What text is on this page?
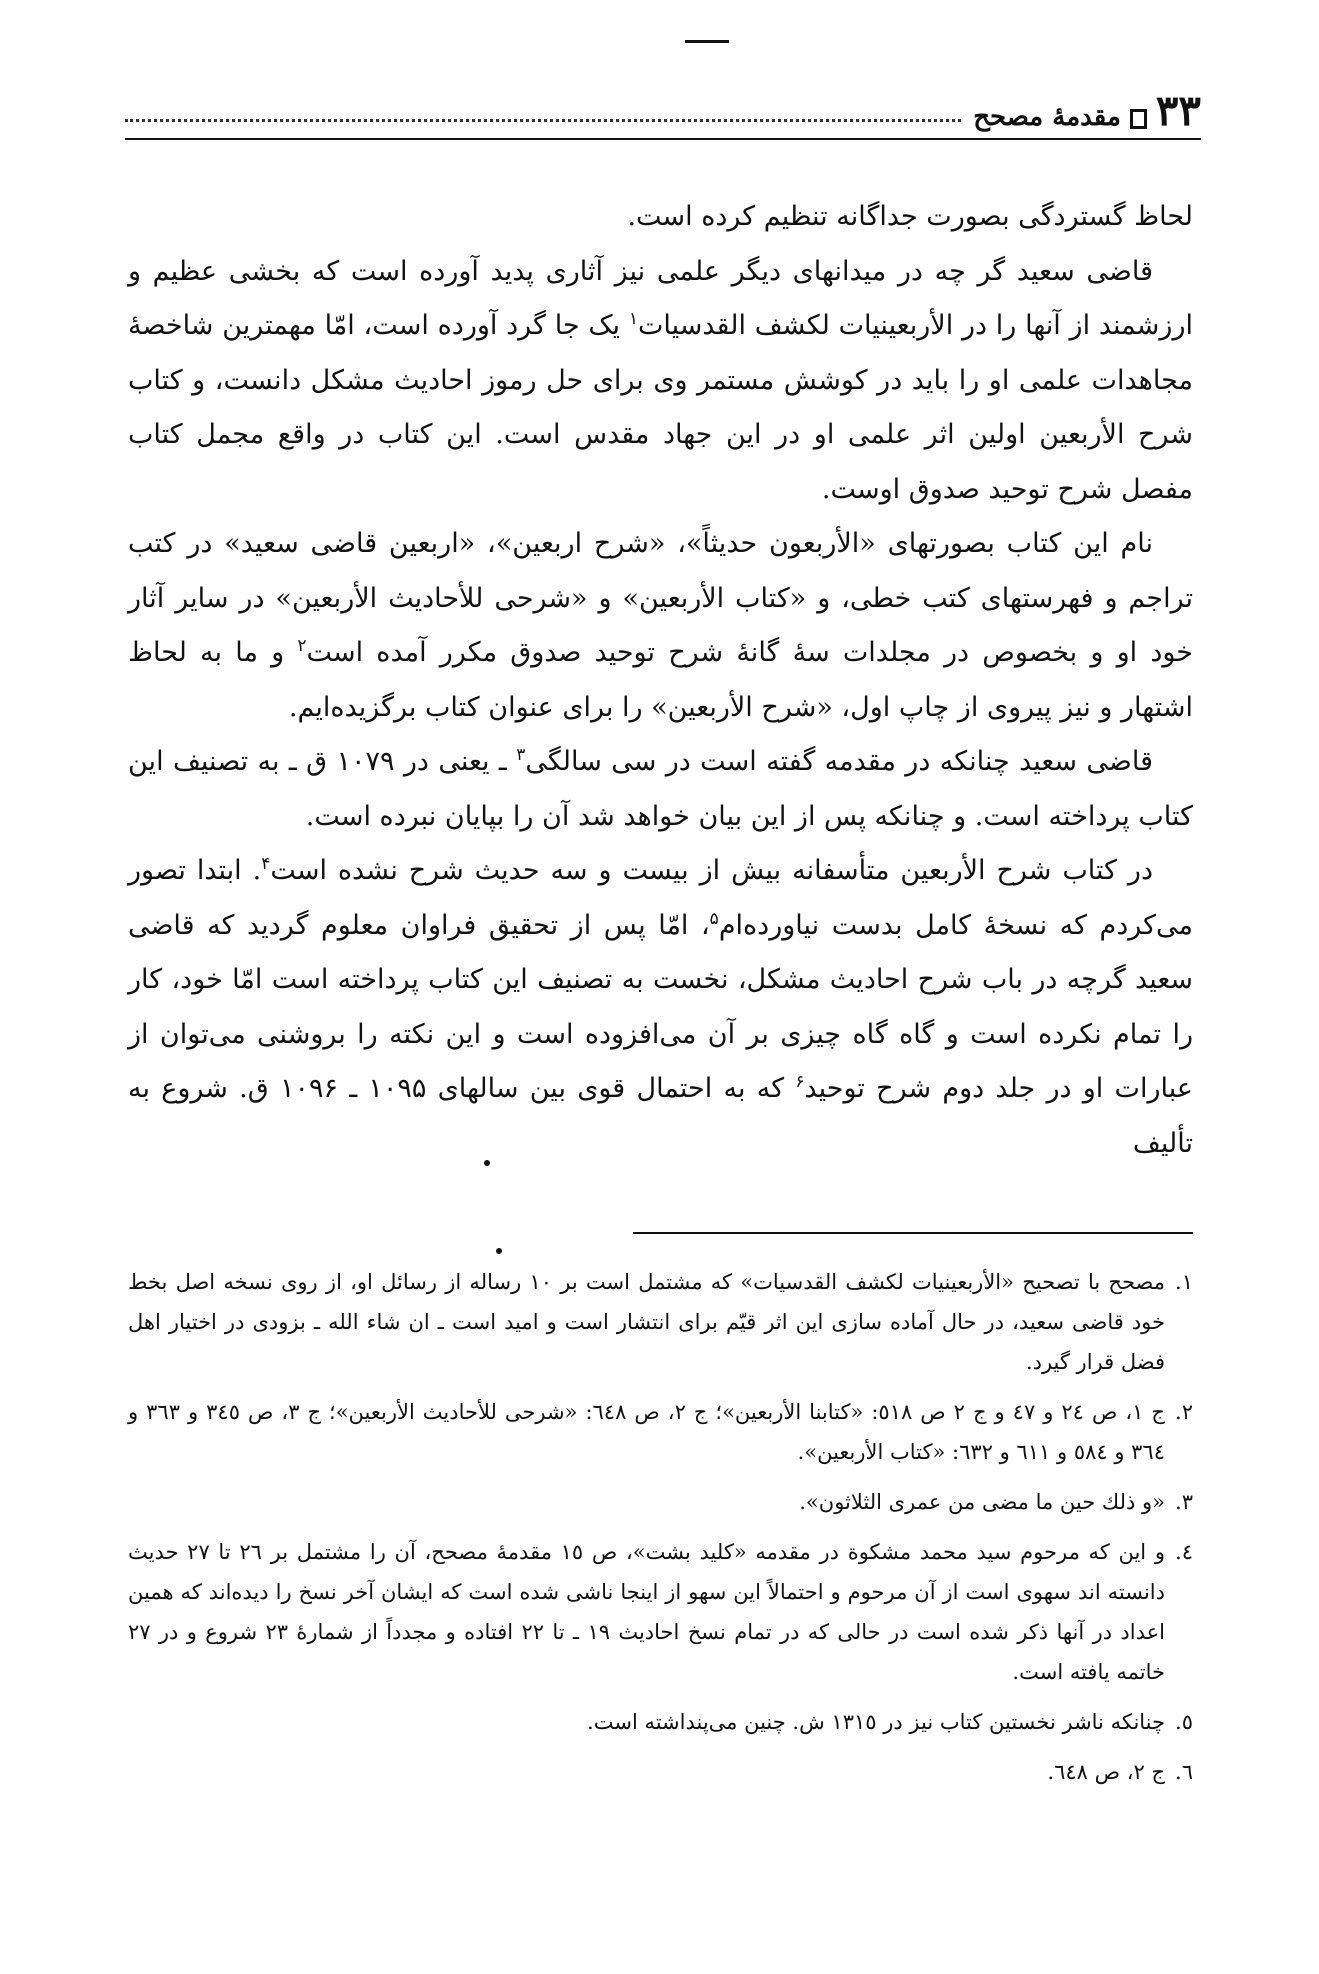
۳۳
مقدمهٔ مصحح

لحاظ گستردگی بصورت جداگانه تنظیم کرده است.

قاضی سعید گر چه در میدانهای دیگر علمی نیز آثاری پدید آورده است که بخشی عظیم و ارزشمند از آنها را در الأربعینیات لکشف القدسیات$^۱$ یک جا گرد آورده است، امّا مهمترین شاخصهٔ مجاهدات علمی او را باید در کوشش مستمر وی برای حل رموز احادیث مشکل دانست، و کتاب شرح الأربعین اولین اثر علمی او در این جهاد مقدس است. این کتاب در واقع مجمل کتاب مفصل شرح توحید صدوق اوست.

نام این کتاب بصورتهای «الأربعون حدیثاً»، «شرح اربعین»، «اربعین قاضی سعید» در کتب تراجم و فهرستهای کتب خطی، و «کتاب الأربعین» و «شرحی للأحادیث الأربعین» در سایر آثار خود او و بخصوص در مجلدات سهٔ گانهٔ شرح توحید صدوق مکرر آمده است$^۲$ و ما به لحاظ اشتهار و نیز پیروی از چاپ اول، «شرح الأربعین» را برای عنوان کتاب برگزیده‌ایم.

قاضی سعید چنانکه در مقدمه گفته است در سی سالگی$^۳$ ـ یعنی در ۱۰۷۹ ق ـ به تصنیف این کتاب پرداخته است. و چنانکه پس از این بیان خواهد شد آن را بپایان نبرده است.

در کتاب شرح الأربعین متأسفانه بیش از بیست و سه حدیث شرح نشده است$^۴$. ابتدا تصور می‌کردم که نسخهٔ کامل بدست نیاورده‌ام$^۵$، امّا پس از تحقیق فراوان معلوم گردید که قاضی سعید گرچه در باب شرح احادیث مشکل، نخست به تصنیف این کتاب پرداخته است امّا خود، کار را تمام نکرده است و گاه گاه چیزی بر آن می‌افزوده است و این نکته را بروشنی می‌توان از عبارات او در جلد دوم شرح توحید$^۶$ که به احتمال قوی بین سالهای ۱۰۹۵ ـ ۱۰۹۶ ق. شروع به تألیف

۱.
مصحح با تصحیح «الأربعینیات لکشف القدسیات» که مشتمل است بر ۱۰ رساله از رسائل او، از روی نسخه اصل بخط خود قاضی سعید، در حال آماده سازی این اثر قیّم برای انتشار است و امید است ـ ان شاء الله ـ بزودی در اختیار اهل فضل قرار گیرد.
۲.
ج ۱، ص ۲٤ و ٤٧ و ج ۲ ص ٥١٨: «کتابنا الأربعین»؛ ج ۲، ص ٦٤٨: «شرحی للأحادیث الأربعین»؛ ج ۳، ص ۳٤٥ و ۳٦۳ و ۳٦٤ و ٥٨٤ و ٦١١ و ٦۳۲: «کتاب الأربعین».
۳.
«و ذلك حین ما مضی من عمری الثلاثون».
٤.
و این که مرحوم سید محمد مشکوة در مقدمه «کلید بشت»، ص ۱٥ مقدمهٔ مصحح، آن را مشتمل بر ۲٦ تا ۲٧ حدیث دانسته اند سهوی است از آن مرحوم و احتمالاً این سهو از اینجا ناشی شده است که ایشان آخر نسخ را دیده‌اند که همین اعداد در آنها ذکر شده است در حالی که در تمام نسخ احادیث ۱۹ ـ تا ۲۲ افتاده و مجدداً از شمارهٔ ۲۳ شروع و در ۲٧ خاتمه یافته است.
٥.
چنانکه ناشر نخستین کتاب نیز در ۱۳۱٥ ش. چنین می‌پنداشته است.
٦.
ج ۲، ص ٦٤٨.
